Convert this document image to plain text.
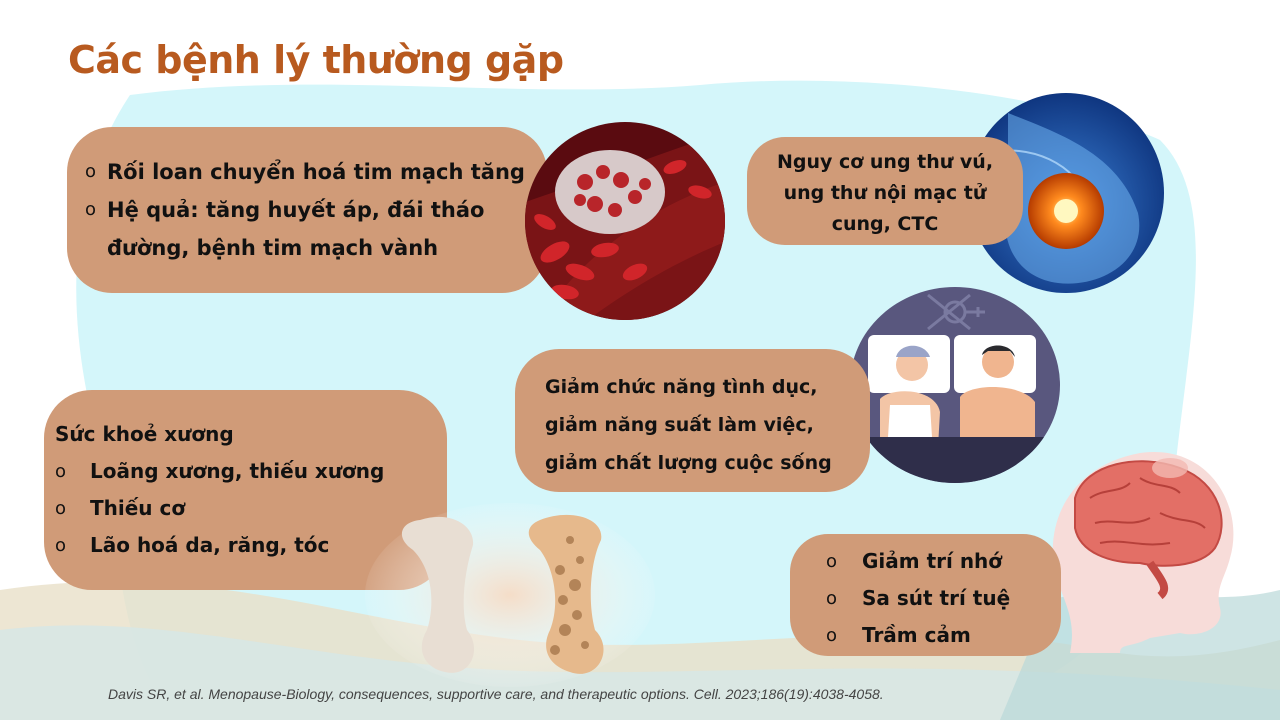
Các bệnh lý thường gặp
o Rối loan chuyển hoá tim mạch tăng
o Hệ quả: tăng huyết áp, đái tháo
đường, bệnh tim mạch vành
Nguy cơ ung thư vú,
ung thư nội mạc tử
cung, CTC
Giảm chức năng tình dục,
giảm năng suất làm việc,
giảm chất lượng cuộc sống
Sức khoẻ xương
o Loãng xương, thiếu xương
o Thiếu cơ
o Lão hoá da, răng, tóc
o Giảm trí nhớ
o Sa sút trí tuệ
o Trầm cảm
Davis SR, et al. Menopause-Biology, consequences, supportive care, and therapeutic options. Cell. 2023;186(19):4038-4058.
